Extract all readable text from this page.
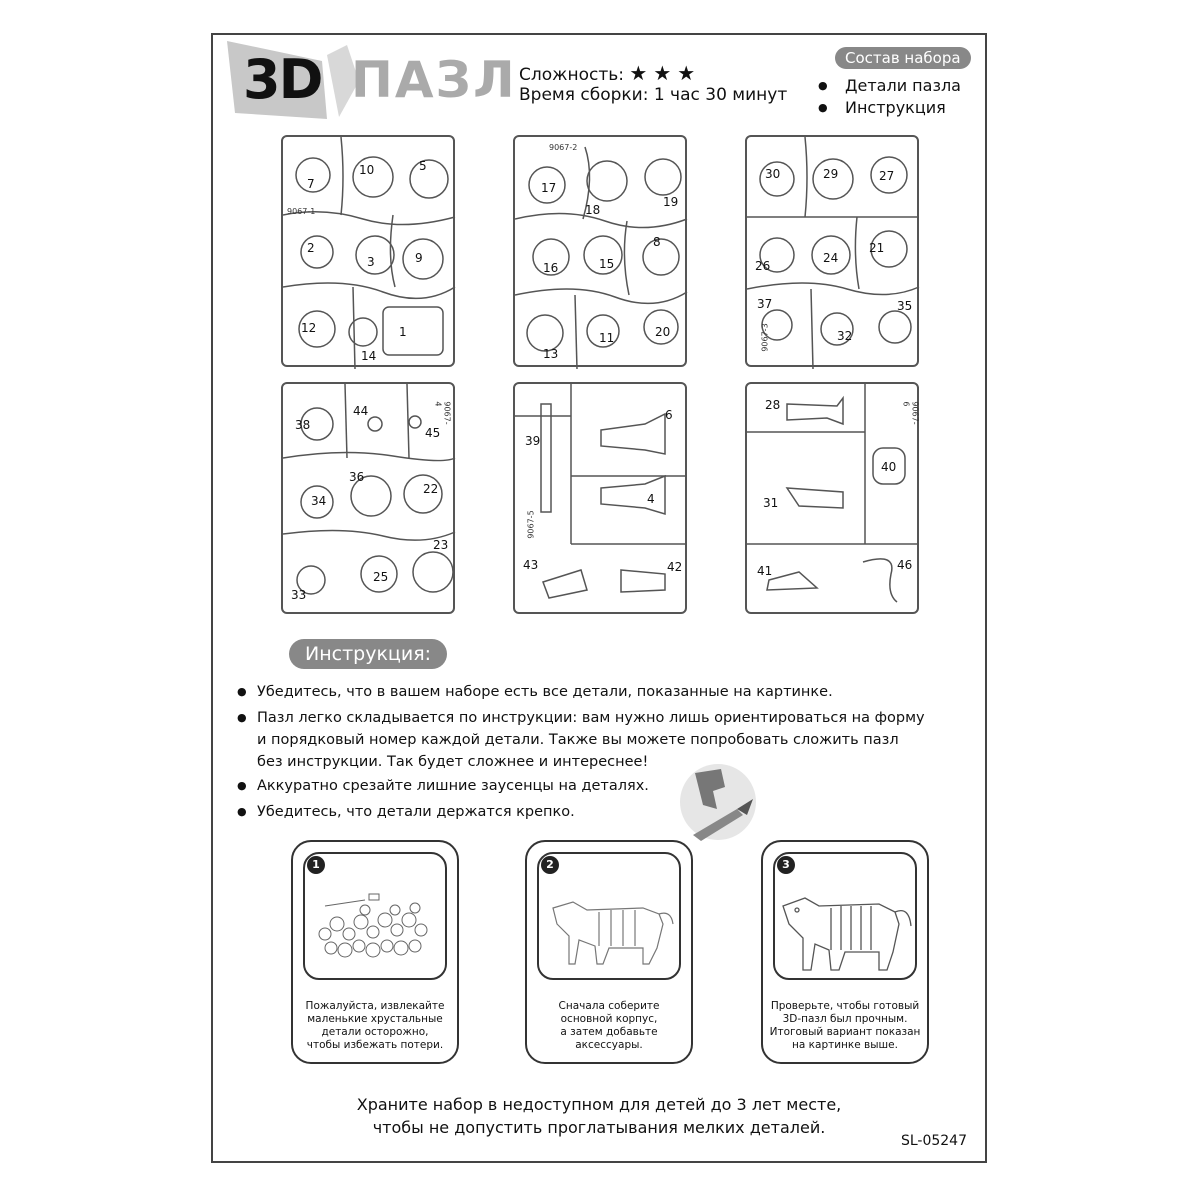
3D ПАЗЛ Сложность: ★★★
Время сборки: 1 час 30 минут
Состав набора
● Детали пазла
● Инструкция
9067-1
7
10	5
2
3	9
12
14
1
9067-2
17
18
19
16	15
8
13
11	20	9067-3
30	29	27
26
24
21
37
32
35
9067-4
38
44
45
34
36
22
33
25
23
9067-5
39
6
4
43	42
9067-6
28
40
31
41	46
Инструкция:
● Убедитесь, что в вашем наборе есть все детали, показанные на картинке.
● Пазл легко складывается по инструкции: вам нужно лишь ориентироваться на форму
и порядковый номер каждой детали. Также вы можете попробовать сложить пазл
без инструкции. Так будет сложнее и интереснее!
● Аккуратно срезайте лишние заусенцы на деталях.
● Убедитесь, что детали держатся крепко.
1
Пожалуйста, извлекайте
маленькие хрустальные
детали осторожно,
чтобы избежать потери.
2
Сначала соберите
основной корпус,
а затем добавьте
аксессуары.
3
Проверьте, чтобы готовый
3D-пазл был прочным.
Итоговый вариант показан
на картинке выше.
Храните набор в недоступном для детей до 3 лет месте,
чтобы не допустить проглатывания мелких деталей.
SL-05247
